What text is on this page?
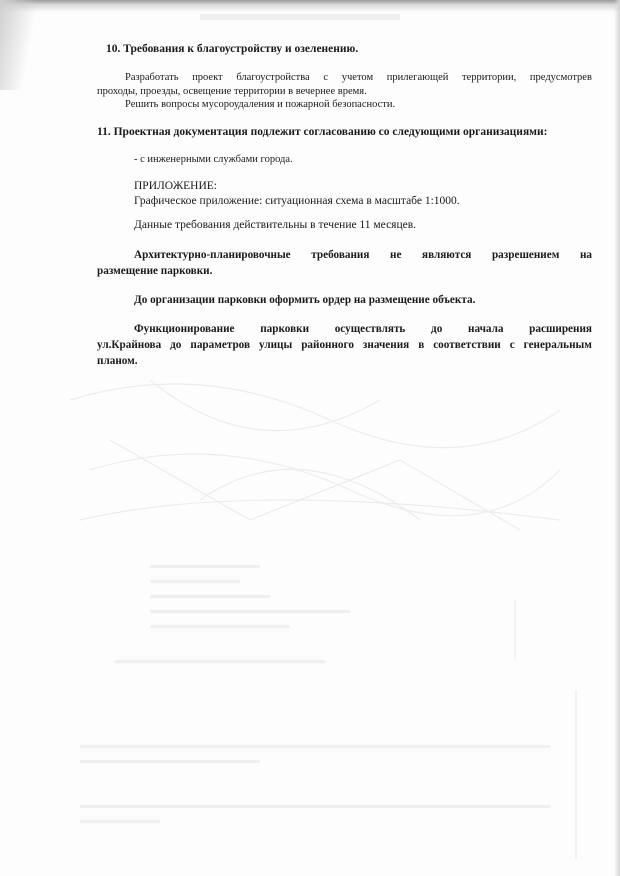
10. Требования к благоустройству и озеленению.
Разработать проект благоустройства с учетом прилегающей территории, предусмотрев
проходы, проезды, освещение территории в вечернее время.
Решить вопросы мусороудаления и пожарной безопасности.
11. Проектная документация подлежит согласованию со следующими организациями:
- с инженерными службами города.
ПРИЛОЖЕНИЕ:
Графическое приложение: ситуационная схема в масштабе 1:1000.
Данные требования действительны в течение 11 месяцев.
Архитектурно-планировочные требования не являются разрешением на
размещение парковки.
До организации парковки оформить ордер на размещение объекта.
Функционирование парковки осуществлять до начала расширения
ул.Крайнова до параметров улицы районного значения в соответствии с генеральным
планом.
